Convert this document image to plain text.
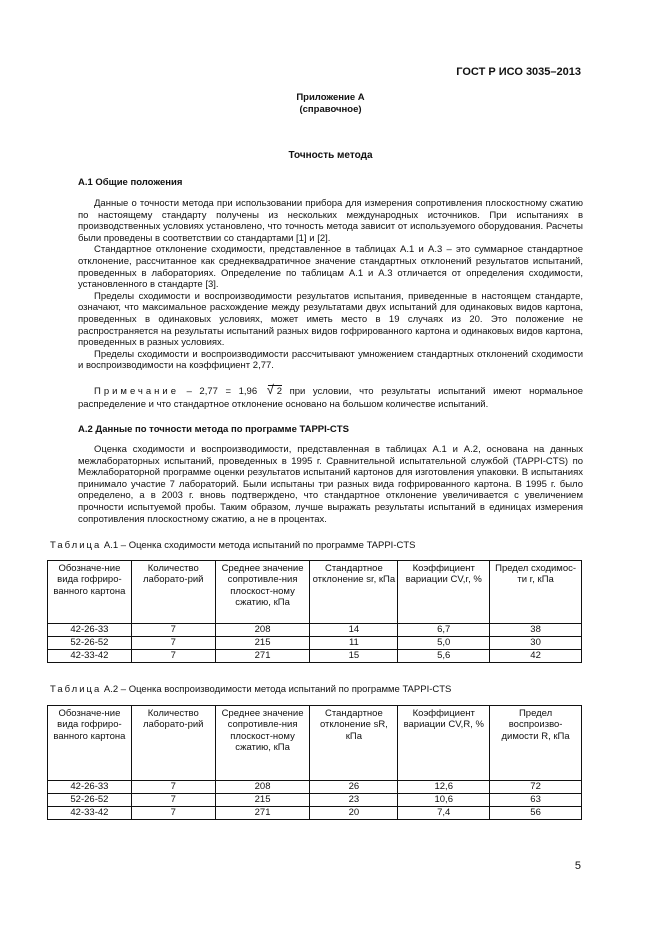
ГОСТ Р ИСО 3035–2013
Приложение А
(справочное)
Точность метода
А.1 Общие положения

Данные о точности метода при использовании прибора для измерения сопротивления плоскостному сжатию по настоящему стандарту получены из нескольких международных источников. При испытаниях в производственных условиях установлено, что точность метода зависит от используемого оборудования. Расчеты были проведены в соответствии со стандартами [1] и [2].

Стандартное отклонение сходимости, представленное в таблицах А.1 и А.3 – это суммарное стандартное отклонение, рассчитанное как среднеквадратичное значение стандартных отклонений результатов испытаний, проведенных в лабораториях. Определение по таблицам А.1 и А.3 отличается от определения сходимости, установленного в стандарте [3].

Пределы сходимости и воспроизводимости результатов испытания, приведенные в настоящем стандарте, означают, что максимальное расхождение между результатами двух испытаний для одинаковых видов картона, проведенных в одинаковых условиях, может иметь место в 19 случаях из 20. Это положение не распространяется на результаты испытаний разных видов гофрированного картона и одинаковых видов картона, проведенных в разных условиях.

Пределы сходимости и воспроизводимости рассчитывают умножением стандартных отклонений сходимости и воспроизводимости на коэффициент 2,77.

Примечание – 2,77 = 1,96 √ 2 при условии, что результаты испытаний имеют нормальное распределение и что стандартное отклонение основано на большом количестве испытаний.
А.2 Данные по точности метода по программе TAPPI-CTS

Оценка сходимости и воспроизводимости, представленная в таблицах А.1 и А.2, основана на данных межлабораторных испытаний, проведенных в 1995 г. Сравнительной испытательной службой (TAPPI-CTS) по Межлабораторной программе оценки результатов испытаний картонов для изготовления упаковки. В испытаниях принимало участие 7 лабораторий. Были испытаны три разных вида гофрированного картона. В 1995 г. было определено, а в 2003 г. вновь подтверждено, что стандартное отклонение увеличивается с увеличением прочности испытуемой пробы. Таким образом, лучше выражать результаты испытаний в единицах измерения сопротивления плоскостному сжатию, а не в процентах.

Таблица А.1 – Оценка сходимости метода испытаний по программе TAPPI-CTS
Обозначе-ние вида гофриро-ванного картона	Количество лаборато-рий	Среднее значение сопротивле-ния плоскост-ному сжатию, кПа	Стандартное отклонение sr, кПа	Коэффициент вариации CV,r, %	Предел сходимос-ти r, кПа
42-26-33	7	208	14	6,7	38
52-26-52	7	215	11	5,0	30
42-33-42	7	271	15	5,6	42
Таблица А.2 – Оценка воспроизводимости метода испытаний по программе TAPPI-CTS
Обозначе-ние вида гофриро-ванного картона	Количество лаборато-рий	Среднее значение сопротивле-ния плоскост-ному сжатию, кПа	Стандартное отклонение sR, кПа	Коэффициент вариации CV,R, %	Предел воспроизво-димости R, кПа
42-26-33	7	208	26	12,6	72
52-26-52	7	215	23	10,6	63
42-33-42	7	271	20	7,4	56
5
